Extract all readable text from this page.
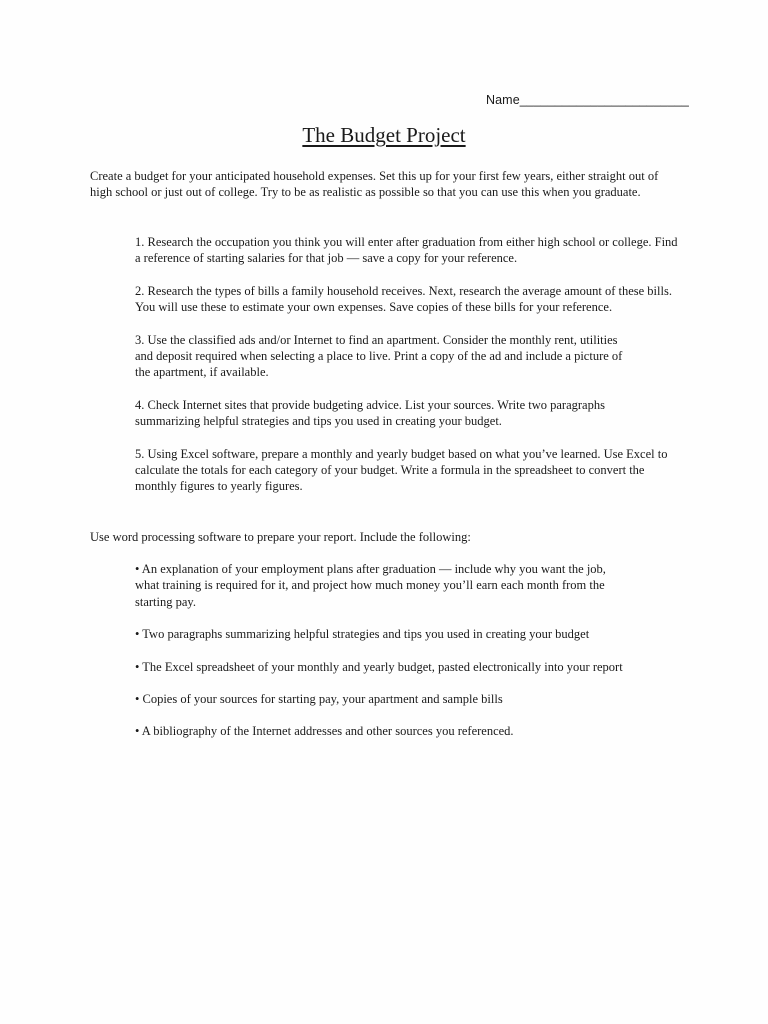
Name________________________
The Budget Project

Create a budget for your anticipated household expenses. Set this up for your first few years, either straight out of high school or just out of college. Try to be as realistic as possible so that you can use this when you graduate.

1. Research the occupation you think you will enter after graduation from either high school or college. Find a reference of starting salaries for that job — save a copy for your reference.
2. Research the types of bills a family household receives. Next, research the average amount of these bills. You will use these to estimate your own expenses. Save copies of these bills for your reference.
3. Use the classified ads and/or Internet to find an apartment. Consider the monthly rent, utilities and deposit required when selecting a place to live. Print a copy of the ad and include a picture of the apartment, if available.
4. Check Internet sites that provide budgeting advice. List your sources. Write two paragraphs summarizing helpful strategies and tips you used in creating your budget.
5. Using Excel software, prepare a monthly and yearly budget based on what you’ve learned. Use Excel to calculate the totals for each category of your budget. Write a formula in the spreadsheet to convert the monthly figures to yearly figures.

Use word processing software to prepare your report. Include the following:

• An explanation of your employment plans after graduation — include why you want the job, what training is required for it, and project how much money you’ll earn each month from the starting pay.
• Two paragraphs summarizing helpful strategies and tips you used in creating your budget
• The Excel spreadsheet of your monthly and yearly budget, pasted electronically into your report
• Copies of your sources for starting pay, your apartment and sample bills
• A bibliography of the Internet addresses and other sources you referenced.
